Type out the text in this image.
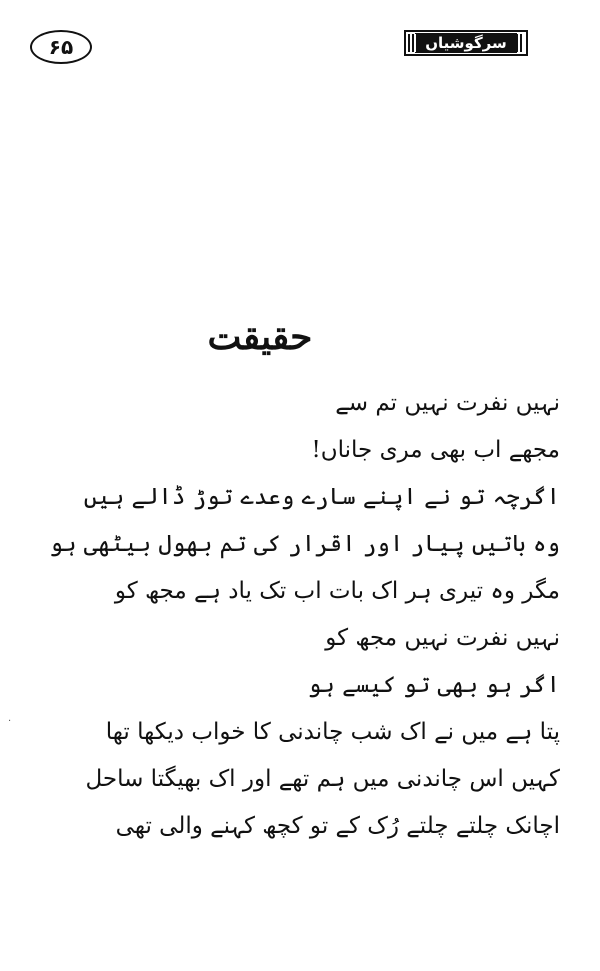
۶۵	سرگوشیاں
حقیقت
نہیں نفرت نہیں تم سے
مجھے اب بھی مری جاناں!
اگرچہ تو نے اپنے سارے وعدے توڑ ڈالے ہیں
وہ باتیں پیار اور اقرار کی تم بھول بیٹھی ہو
مگر وہ تیری ہر اک بات اب تک یاد ہے مجھ کو
نہیں نفرت نہیں مجھ کو
اگر ہو بھی تو کیسے ہو
پتا ہے میں نے اک شب چاندنی کا خواب دیکھا تھا
کہیں اس چاندنی میں ہم تھے اور اک بھیگتا ساحل
اچانک چلتے چلتے رُک کے تو کچھ کہنے والی تھی
·
